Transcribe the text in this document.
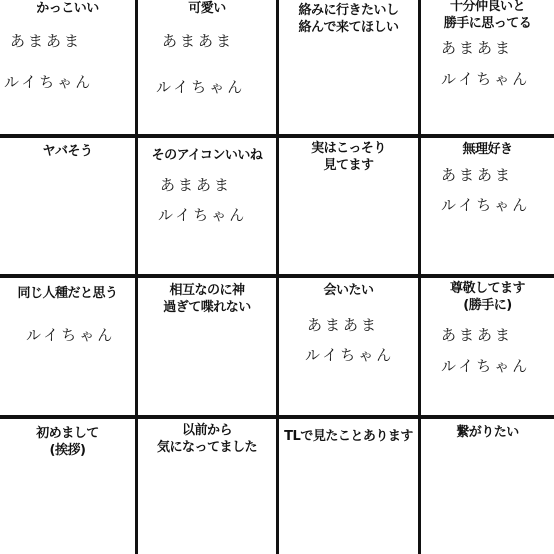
かっこいい
あまあま
ルイちゃん
可愛い
あまあま
ルイちゃん
絡みに行きたいし
絡んで来てほしい
十分仲良いと
勝手に思ってる
あまあま
ルイちゃん
ヤバそう	そのアイコンいいね
あまあま
ルイちゃん
実はこっそり
見てます
無理好き
あまあま
ルイちゃん
同じ人種だと思う
ルイちゃん
相互なのに神
過ぎて喋れない
会いたい
あまあま
ルイちゃん
尊敬してます
(勝手に)
あまあま
ルイちゃん
初めまして
(挨拶)
以前から
気になってました
TLで見たことあります	繋がりたい
